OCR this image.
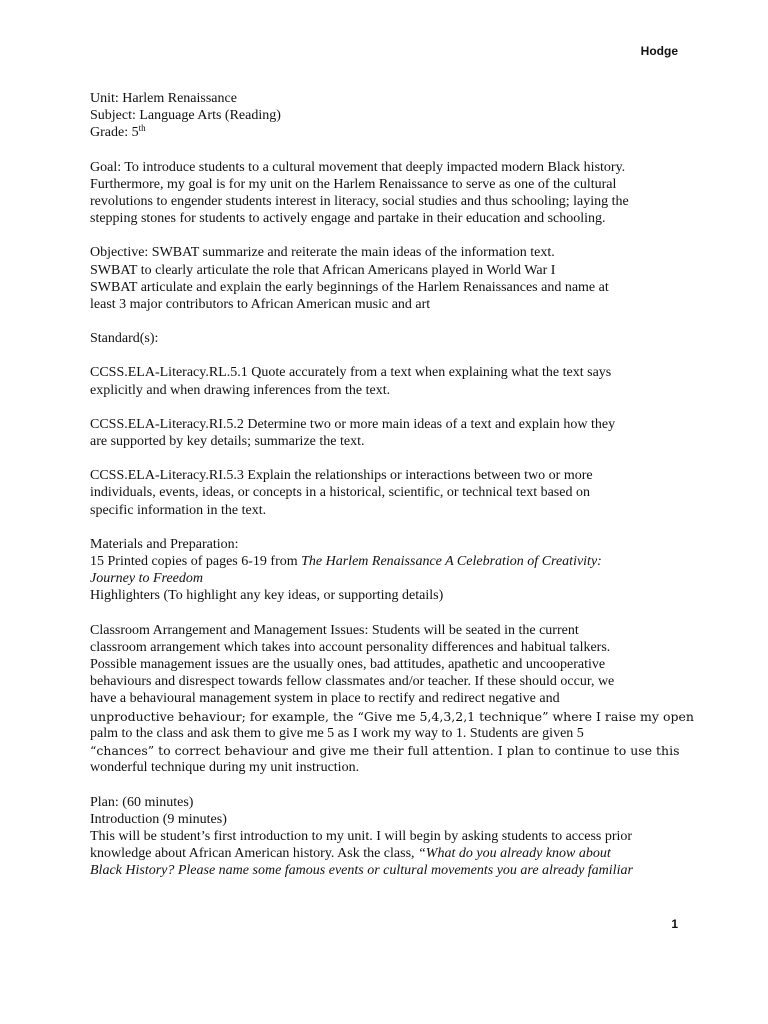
Hodge

Unit: Harlem Renaissance
Subject: Language Arts (Reading)
Grade: 5th

Goal: To introduce students to a cultural movement that deeply impacted modern Black history.
Furthermore, my goal is for my unit on the Harlem Renaissance to serve as one of the cultural
revolutions to engender students interest in literacy, social studies and thus schooling; laying the
stepping stones for students to actively engage and partake in their education and schooling.

Objective: SWBAT summarize and reiterate the main ideas of the information text.
SWBAT to clearly articulate the role that African Americans played in World War I
SWBAT articulate and explain the early beginnings of the Harlem Renaissances and name at
least 3 major contributors to African American music and art

Standard(s):

CCSS.ELA-Literacy.RL.5.1 Quote accurately from a text when explaining what the text says
explicitly and when drawing inferences from the text.

CCSS.ELA-Literacy.RI.5.2 Determine two or more main ideas of a text and explain how they
are supported by key details; summarize the text.

CCSS.ELA-Literacy.RI.5.3 Explain the relationships or interactions between two or more
individuals, events, ideas, or concepts in a historical, scientific, or technical text based on
specific information in the text.

Materials and Preparation:
15 Printed copies of pages 6-19 from The Harlem Renaissance A Celebration of Creativity:
Journey to Freedom
Highlighters (To highlight any key ideas, or supporting details)

Classroom Arrangement and Management Issues: Students will be seated in the current
classroom arrangement which takes into account personality differences and habitual talkers.
Possible management issues are the usually ones, bad attitudes, apathetic and uncooperative
behaviours and disrespect towards fellow classmates and/or teacher. If these should occur, we
have a behavioural management system in place to rectify and redirect negative and
unproductive behaviour; for example, the “Give me 5,4,3,2,1 technique” where I raise my open
palm to the class and ask them to give me 5 as I work my way to 1. Students are given 5
“chances” to correct behaviour and give me their full attention. I plan to continue to use this
wonderful technique during my unit instruction.

Plan: (60 minutes)
Introduction (9 minutes)
This will be student’s first introduction to my unit. I will begin by asking students to access prior
knowledge about African American history. Ask the class, “What do you already know about
Black History? Please name some famous events or cultural movements you are already familiar

1
